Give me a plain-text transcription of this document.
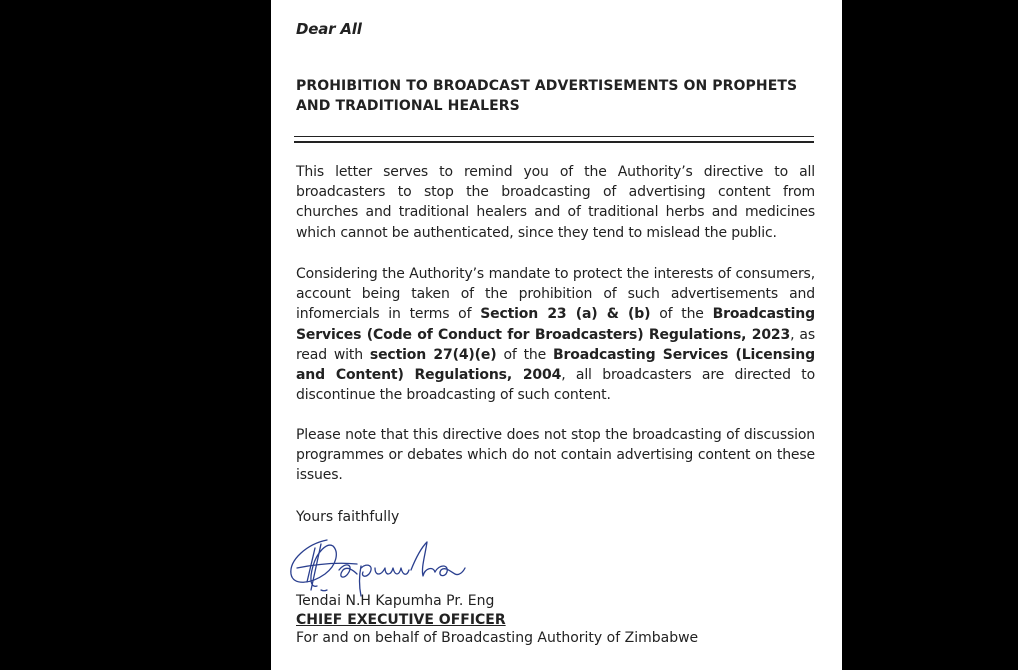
Dear All
PROHIBITION TO BROADCAST ADVERTISEMENTS ON PROPHETS AND TRADITIONAL HEALERS
This letter serves to remind you of the Authority’s directive to all broadcasters to stop the broadcasting of advertising content from churches and traditional healers and of traditional herbs and medicines which cannot be authenticated, since they tend to mislead the public.
Considering the Authority’s mandate to protect the interests of consumers, account being taken of the prohibition of such advertisements and infomercials in terms of Section 23 (a) & (b) of the Broadcasting Services (Code of Conduct for Broadcasters) Regulations, 2023, as read with section 27(4)(e) of the Broadcasting Services (Licensing and Content) Regulations, 2004, all broadcasters are directed to discontinue the broadcasting of such content.
Please note that this directive does not stop the broadcasting of discussion programmes or debates which do not contain advertising content on these issues.
Yours faithfully
Tendai N.H Kapumha Pr. Eng
CHIEF EXECUTIVE OFFICER
For and on behalf of Broadcasting Authority of Zimbabwe
